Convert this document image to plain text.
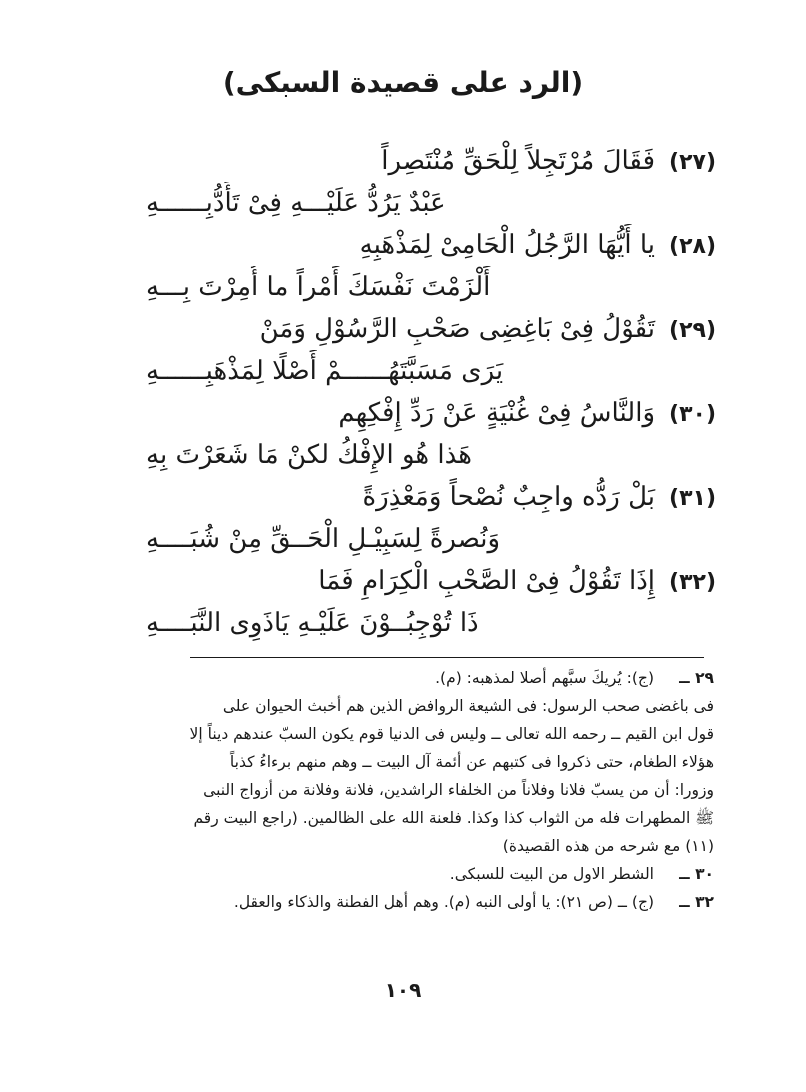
(الرد على قصيدة السبكى)
(٢٧)فَقَالَ مُرْتَجِلاً لِلْحَقِّ مُنْتَصِراً
عَبْدٌ يَرُدُّ عَلَيْـــهِ فِىْ تَأَدُّبِــــــهِ
(٢٨)يا أَيُّهَا الرَّجُلُ الْحَامِىْ لِمَذْهَبِهِ
أَلْزَمْتَ نَفْسَكَ أَمْراً ما أُمِرْتَ بِـــهِ
(٢٩)تَقُوْلُ فِىْ بَاغِضِى صَحْبِ الرَّسُوْلِ وَمَنْ
يَرَى مَسَبَّتَهُــــــمْ أَصْلًا لِمَذْهَبِــــــهِ
(٣٠)وَالنَّاسُ فِىْ غُنْيَةٍ عَنْ رَدِّ إِفْكِهِم
هَذا هُو الإِفْكُ لكنْ مَا شَعَرْتَ بِهِ
(٣١)بَلْ رَدُّه واجِبٌ نُصْحاً وَمَعْذِرَةً
وَنُصرةً لِسَبِيْـلِ الْحَــقِّ مِنْ شُبَــــهِ
(٣٢)إِذَا تَقُوْلُ فِىْ الصَّحْبِ الْكِرَامِ فَمَا
ذَا تُوْجِبُــوْنَ عَلَيْـهِ يَاذَوِى النَّبَــــهِ
٢٩ ــ
(ج): يُريكَ سبَّهم أصلا لمذهبه: (م).
فى باغضى صحب الرسول: فى الشيعة الروافض الذين هم أخبث الحيوان على
قول ابن القيم ــ رحمه الله تعالى ــ وليس فى الدنيا قوم يكون السبّ عندهم ديناً إلا
هؤلاء الطغام، حتى ذكروا فى كتبهم عن أئمة آل البيت ــ وهم منهم برءاءُ كذباً
وزورا: أن من يسبّ فلانا وفلاناً من الخلفاء الراشدين، فلانة وفلانة من أزواج النبى
ﷺ المطهرات فله من الثواب كذا وكذا. فلعنة الله على الظالمين. (راجع البيت رقم
(١١) مع شرحه من هذه القصيدة)
٣٠ ــ
الشطر الاول من البيت للسبكى.
٣٢ ــ
(ج) ــ (ص ٢١): يا أولى النبه (م). وهم أهل الفطنة والذكاء والعقل.
١٠٩
